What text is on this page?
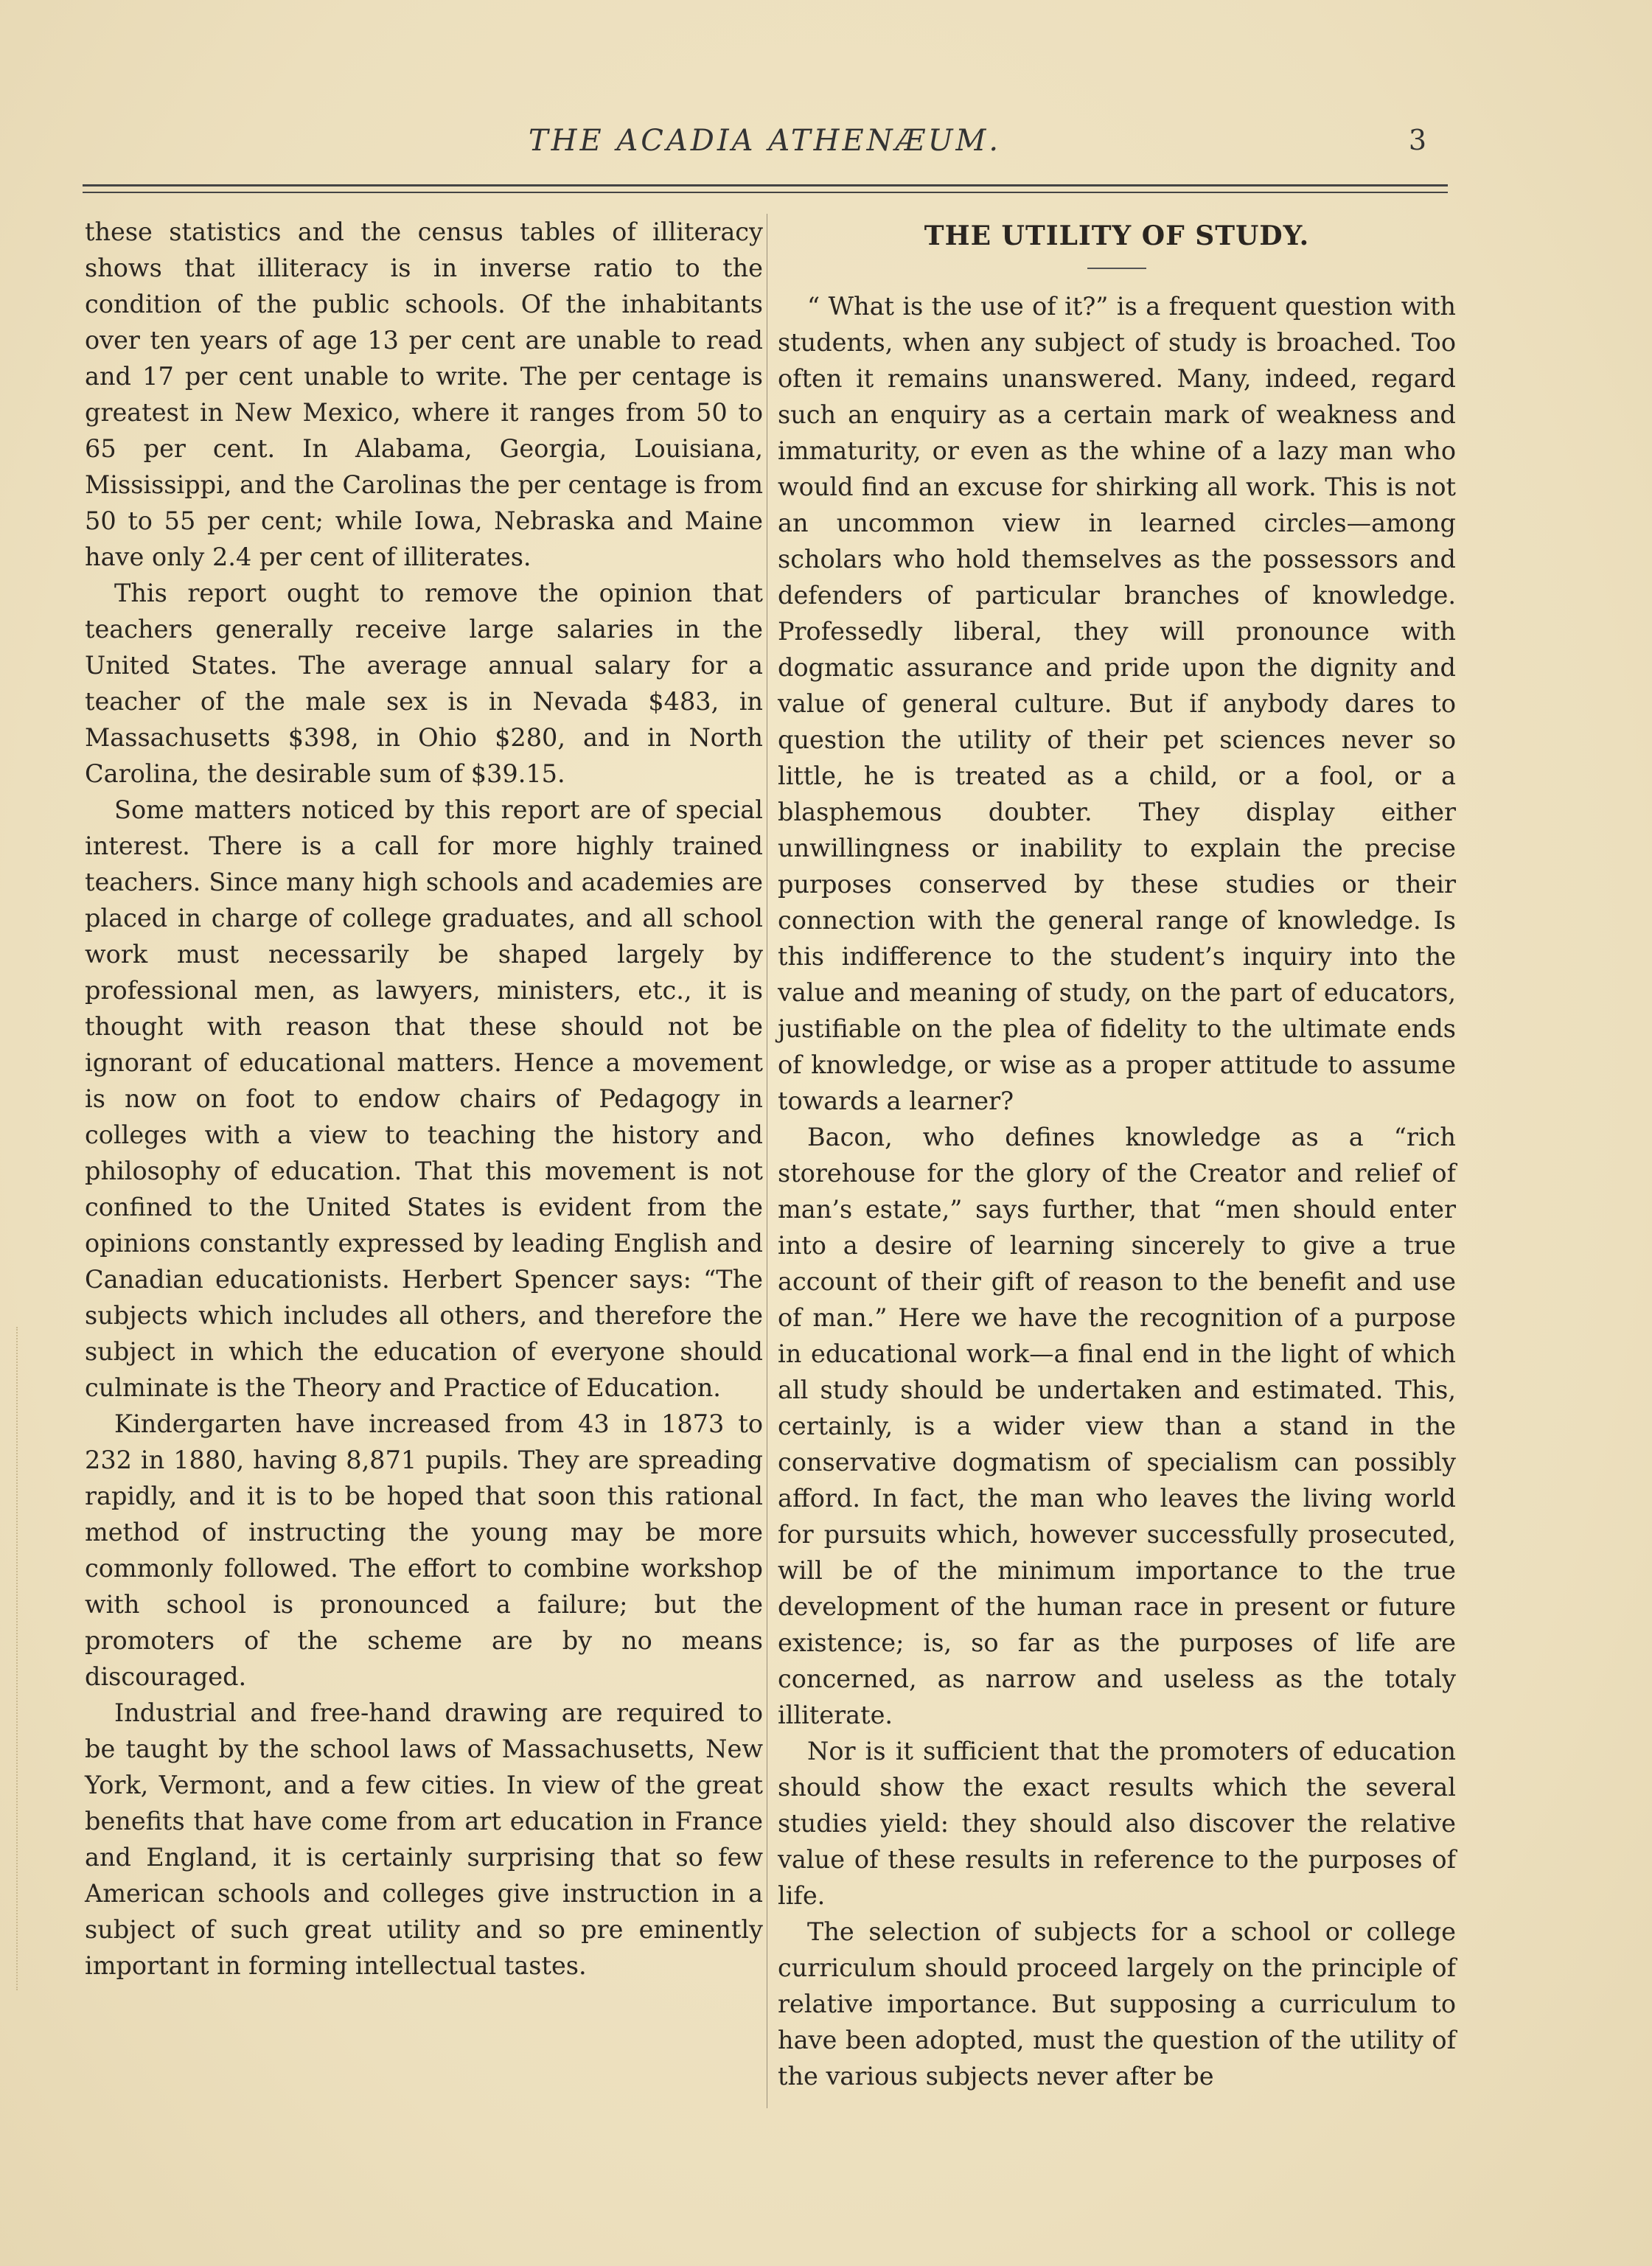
THE ACADIA ATHENÆUM.	3

these statistics and the census tables of illiteracy shows that illiteracy is in inverse ratio to the condition of the public schools. Of the inhabitants over ten years of age 13 per cent are unable to read and 17 per cent unable to write. The per centage is greatest in New Mexico, where it ranges from 50 to 65 per cent. In Alabama, Georgia, Louisiana, Mississippi, and the Carolinas the per centage is from 50 to 55 per cent; while Iowa, Nebraska and Maine have only 2.4 per cent of illiterates.

This report ought to remove the opinion that teachers generally receive large salaries in the United States. The average annual salary for a teacher of the male sex is in Nevada $483, in Massachusetts $398, in Ohio $280, and in North Carolina, the desirable sum of $39.15.

Some matters noticed by this report are of special interest. There is a call for more highly trained teachers. Since many high schools and academies are placed in charge of college graduates, and all school work must necessarily be shaped largely by professional men, as lawyers, ministers, etc., it is thought with reason that these should not be ignorant of educational matters. Hence a movement is now on foot to endow chairs of Pedagogy in colleges with a view to teaching the history and philosophy of education. That this movement is not confined to the United States is evident from the opinions constantly expressed by leading English and Canadian educationists. Herbert Spencer says: “The subjects which includes all others, and therefore the subject in which the education of everyone should culminate is the Theory and Practice of Education.

Kindergarten have increased from 43 in 1873 to 232 in 1880, having 8,871 pupils. They are spreading rapidly, and it is to be hoped that soon this rational method of instructing the young may be more commonly followed. The effort to combine workshop with school is pronounced a failure; but the promoters of the scheme are by no means discouraged.

Industrial and free-hand drawing are required to be taught by the school laws of Massachusetts, New York, Vermont, and a few cities. In view of the great benefits that have come from art education in France and England, it is certainly surprising that so few American schools and colleges give instruction in a subject of such great utility and so pre eminently important in forming intellectual tastes.

THE UTILITY OF STUDY.

“ What is the use of it?” is a frequent question with students, when any subject of study is broached. Too often it remains unanswered. Many, indeed, regard such an enquiry as a certain mark of weakness and immaturity, or even as the whine of a lazy man who would find an excuse for shirking all work. This is not an uncommon view in learned circles—among scholars who hold themselves as the possessors and defenders of particular branches of knowledge. Professedly liberal, they will pronounce with dogmatic assurance and pride upon the dignity and value of general culture. But if anybody dares to question the utility of their pet sciences never so little, he is treated as a child, or a fool, or a blasphemous doubter. They display either unwillingness or inability to explain the precise purposes conserved by these studies or their connection with the general range of knowledge. Is this indifference to the student’s inquiry into the value and meaning of study, on the part of educators, justifiable on the plea of fidelity to the ultimate ends of knowledge, or wise as a proper attitude to assume towards a learner?

Bacon, who defines knowledge as a “rich storehouse for the glory of the Creator and relief of man’s estate,” says further, that “men should enter into a desire of learning sincerely to give a true account of their gift of reason to the benefit and use of man.” Here we have the recognition of a purpose in educational work—a final end in the light of which all study should be undertaken and estimated. This, certainly, is a wider view than a stand in the conservative dogmatism of specialism can possibly afford. In fact, the man who leaves the living world for pursuits which, however successfully prosecuted, will be of the minimum importance to the true development of the human race in present or future existence; is, so far as the purposes of life are concerned, as narrow and useless as the totaly illiterate.

Nor is it sufficient that the promoters of education should show the exact results which the several studies yield: they should also discover the relative value of these results in reference to the purposes of life.

The selection of subjects for a school or college curriculum should proceed largely on the principle of relative importance. But supposing a curriculum to have been adopted, must the question of the utility of the various subjects never after be
